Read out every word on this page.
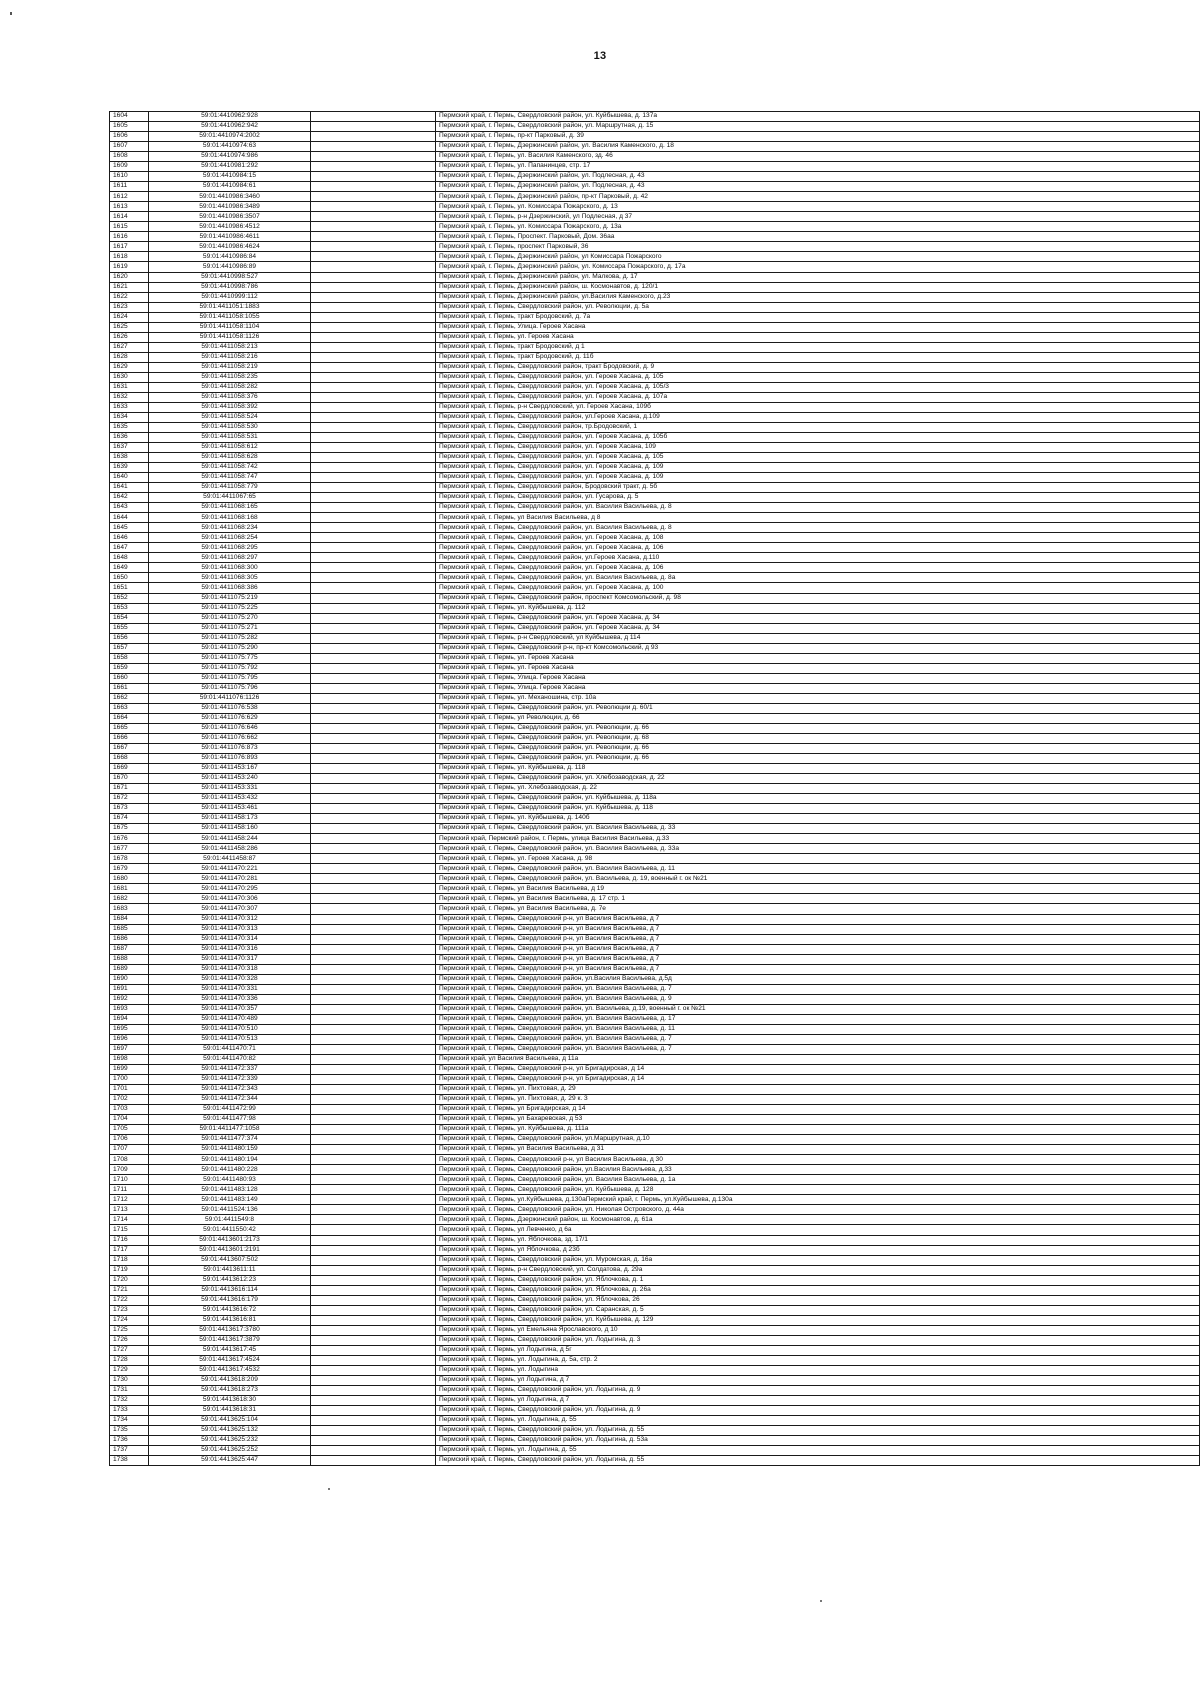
13
1604	59:01:4410962:928		Пермский край, г. Пермь, Свердловский район, ул. Куйбышева, д. 137а
1605	59:01:4410962:942		Пермский край, г. Пермь, Свердловский район, ул. Маршрутная, д. 15
1606	59:01:4410974:2002		Пермский край, г. Пермь, пр-кт Парковый, д. 39
1607	59:01:4410974:63		Пермский край, г. Пермь, Дзержинский район, ул. Василия Каменского, д. 18
1608	59:01:4410974:986		Пермский край, г. Пермь, ул. Василия Каменского, зд. 46
1609	59:01:4410981:292		Пермский край, г. Пермь, ул. Папанинцев, стр. 17
1610	59:01:4410984:15		Пермский край, г. Пермь, Дзержинский район, ул. Подлесная, д. 43
1611	59:01:4410984:61		Пермский край, г. Пермь, Дзержинский район, ул. Подлесная, д. 43
1612	59:01:4410986:3460		Пермский край, г. Пермь, Дзержинский район, пр-кт Парковый, д. 42
1613	59:01:4410986:3489		Пермский край, г. Пермь, ул. Комиссара Пожарского, д. 13
1614	59:01:4410986:3507		Пермский край, г. Пермь, р-н Дзержинский, ул Подлесная, д 37
1615	59:01:4410986:4512		Пермский край, г. Пермь, ул. Комиссара Пожарского, д. 13а
1616	59:01:4410986:4611		Пермский край, г. Пермь, Проспект. Парковый, Дом. 36аа
1617	59:01:4410986:4624		Пермский край, г. Пермь, проспект Парковый, 36
1618	59:01:4410986:84		Пермский край, г. Пермь, Дзержинский район, ул Комиссара Пожарского
1619	59:01:4410986:89		Пермский край, г. Пермь, Дзержинский район, ул. Комиссара Пожарского, д. 17а
1620	59:01:4410998:527		Пермский край, г. Пермь, Дзержинский район, ул. Малкова, д. 17
1621	59:01:4410998:786		Пермский край, г. Пермь, Дзержинский район, ш. Космонавтов, д. 120/1
1622	59:01:4410999:112		Пермский край, г. Пермь, Дзержинский район, ул.Василия Каменского, д.23
1623	59:01:4411051:1883		Пермский край, г. Пермь, Свердловский район, ул. Революции, д. 5а
1624	59:01:4411058:1055		Пермский край, г. Пермь, тракт Бродовский, д. 7а
1625	59:01:4411058:1104		Пермский край, г. Пермь, Улица. Героев Хасана
1626	59:01:4411058:1126		Пермский край, г. Пермь, ул. Героев Хасана
1627	59:01:4411058:213		Пермский край, г. Пермь, тракт Бродовский, д 1
1628	59:01:4411058:216		Пермский край, г. Пермь, тракт Бродовский, д. 11б
1629	59:01:4411058:219		Пермский край, г. Пермь, Свердловский район, тракт Бродовский, д. 9
1630	59:01:4411058:235		Пермский край, г. Пермь, Свердловский район, ул. Героев Хасана, д. 105
1631	59:01:4411058:282		Пермский край, г. Пермь, Свердловский район, ул. Героев Хасана, д. 105/3
1632	59:01:4411058:376		Пермский край, г. Пермь, Свердловский район, ул. Героев Хасана, д. 107а
1633	59:01:4411058:392		Пермский край, г. Пермь, р-н Свердловский, ул. Героев Хасана, 109б
1634	59:01:4411058:524		Пермский край, г. Пермь, Свердловский район, ул.Героев Хасана, д.109
1635	59:01:4411058:530		Пермский край, г. Пермь, Свердловский район, тр.Бродовский, 1
1636	59:01:4411058:531		Пермский край, г. Пермь, Свердловский район, ул. Героев Хасана, д. 105б
1637	59:01:4411058:612		Пермский край, г. Пермь, Свердловский район, ул. Героев Хасана, 109
1638	59:01:4411058:628		Пермский край, г. Пермь, Свердловский район, ул. Героев Хасана, д. 105
1639	59:01:4411058:742		Пермский край, г. Пермь, Свердловский район, ул. Героев Хасана, д. 109
1640	59:01:4411058:747		Пермский край, г. Пермь, Свердловский район, ул. Героев Хасана, д. 109
1641	59:01:4411058:779		Пермский край, г. Пермь, Свердловский район, Бродовский тракт, д. 5б
1642	59:01:4411067:65		Пермский край, г. Пермь, Свердловский район, ул. Гусарова, д. 5
1643	59:01:4411068:165		Пермский край, г. Пермь, Свердловский район, ул. Василия Васильева, д. 8
1644	59:01:4411068:168		Пермский край, г. Пермь, ул Василия Васильева, д 8
1645	59:01:4411068:234		Пермский край, г. Пермь, Свердловский район, ул. Василия Васильева, д. 8
1646	59:01:4411068:254		Пермский край, г. Пермь, Свердловский район, ул. Героев Хасана, д. 108
1647	59:01:4411068:295		Пермский край, г. Пермь, Свердловский район, ул. Героев Хасана, д. 106
1648	59:01:4411068:297		Пермский край, г. Пермь, Свердловский район, ул.Героев Хасана, д.110
1649	59:01:4411068:300		Пермский край, г. Пермь, Свердловский район, ул. Героев Хасана, д. 106
1650	59:01:4411068:305		Пермский край, г. Пермь, Свердловский район, ул. Василия Васильева, д. 8а
1651	59:01:4411068:386		Пермский край, г. Пермь, Свердловский район, ул. Героев Хасана, д. 100
1652	59:01:4411075:219		Пермский край, г. Пермь, Свердловский район, проспект Комсомольский, д. 98
1653	59:01:4411075:225		Пермский край, г. Пермь, ул. Куйбышева, д. 112
1654	59:01:4411075:270		Пермский край, г. Пермь, Свердловский район, ул. Героев Хасана, д. 34
1655	59:01:4411075:271		Пермский край, г. Пермь, Свердловский район, ул. Героев Хасана, д. 34
1656	59:01:4411075:282		Пермский край, г. Пермь, р-н Свердловский, ул Куйбышева, д 114
1657	59:01:4411075:290		Пермский край, г. Пермь, Свердловский р-н, пр-кт Комсомольский, д 93
1658	59:01:4411075:775		Пермский край, г. Пермь, ул. Героев Хасана
1659	59:01:4411075:792		Пермский край, г. Пермь, ул. Героев Хасана
1660	59:01:4411075:795		Пермский край, г. Пермь, Улица. Героев Хасана
1661	59:01:4411075:796		Пермский край, г. Пермь, Улица. Героев Хасана
1662	59:01:4411076:1126		Пермский край, г. Пермь, ул. Механошина, стр. 10а
1663	59:01:4411076:538		Пермский край, г. Пермь, Свердловский район, ул. Революции д. 60/1
1664	59:01:4411076:629		Пермский край, г. Пермь, ул Революции, д. 66
1665	59:01:4411076:646		Пермский край, г. Пермь, Свердловский район, ул. Революции, д. 66
1666	59:01:4411076:662		Пермский край, г. Пермь, Свердловский район, ул. Революции, д. 68
1667	59:01:4411076:873		Пермский край, г. Пермь, Свердловский район, ул. Революции, д. 66
1668	59:01:4411076:893		Пермский край, г. Пермь, Свердловский район, ул. Революции, д. 66
1669	59:01:4411453:167		Пермский край, г. Пермь, ул. Куйбышева, д. 118
1670	59:01:4411453:240		Пермский край, г. Пермь, Свердловский район, ул. Хлебозаводская, д. 22
1671	59:01:4411453:331		Пермский край, г. Пермь, ул. Хлебозаводская, д. 22
1672	59:01:4411453:432		Пермский край, г. Пермь, Свердловский район, ул. Куйбышева, д. 118а
1673	59:01:4411453:461		Пермский край, г. Пермь, Свердловский район, ул. Куйбышева, д. 118
1674	59:01:4411458:173		Пермский край, г. Пермь, ул. Куйбышева, д. 140б
1675	59:01:4411458:160		Пермский край, г. Пермь, Свердловский район, ул. Василия Васильева, д. 33
1676	59:01:4411458:244		Пермский край, Пермский район, г. Пермь, улица Василия Васильева, д.33
1677	59:01:4411458:286		Пермский край, г. Пермь, Свердловский район, ул. Василия Васильева, д. 33а
1678	59:01:4411458:87		Пермский край, г. Пермь, ул. Героев Хасана, д. 98
1679	59:01:4411470:221		Пермский край, г. Пермь, Свердловский район, ул. Василия Васильева, д. 11
1680	59:01:4411470:281		Пермский край, г. Пермь, Свердловский район, ул. Васильева, д. 19, военный г. ок №21
1681	59:01:4411470:295		Пермский край, г. Пермь, ул Василия Васильева, д 19
1682	59:01:4411470:306		Пермский край, г. Пермь, ул Василия Васильева, д. 17 стр. 1
1683	59:01:4411470:307		Пермский край, г. Пермь, ул Василия Васильева, д. 7е
1684	59:01:4411470:312		Пермский край, г. Пермь, Свердловский р-н, ул Василия Васильева, д 7
1685	59:01:4411470:313		Пермский край, г. Пермь, Свердловский р-н, ул Василия Васильева, д 7
1686	59:01:4411470:314		Пермский край, г. Пермь, Свердловский р-н, ул Василия Васильева, д 7
1687	59:01:4411470:316		Пермский край, г. Пермь, Свердловский р-н, ул Василия Васильева, д 7
1688	59:01:4411470:317		Пермский край, г. Пермь, Свердловский р-н, ул Василия Васильева, д 7
1689	59:01:4411470:318		Пермский край, г. Пермь, Свердловский р-н, ул Василия Васильева, д 7
1690	59:01:4411470:328		Пермский край, г. Пермь, Свердловский район, ул.Василия Васильева, д.5д
1691	59:01:4411470:331		Пермский край, г. Пермь, Свердловский район, ул. Василия Васильева, д. 7
1692	59:01:4411470:336		Пермский край, г. Пермь, Свердловский район, ул. Василия Васильева, д. 9
1693	59:01:4411470:357		Пермский край, г. Пермь, Свердловский район, ул. Васильева, д.19, военный г. ок №21
1694	59:01:4411470:489		Пермский край, г. Пермь, Свердловский район, ул. Василия Васильева, д. 17
1695	59:01:4411470:510		Пермский край, г. Пермь, Свердловский район, ул. Василия Васильева, д. 11
1696	59:01:4411470:513		Пермский край, г. Пермь, Свердловский район, ул. Василия Васильева, д. 7
1697	59:01:4411470:71		Пермский край, г. Пермь, Свердловский район, ул. Василия Васильева, д. 7
1698	59:01:4411470:82		Пермский край, ул Василия Васильева, д 11а
1699	59:01:4411472:337		Пермский край, г. Пермь, Свердловский р-н, ул Бригадирская, д 14
1700	59:01:4411472:339		Пермский край, г. Пермь, Свердловский р-н, ул Бригадирская, д 14
1701	59:01:4411472:343		Пермский край, г. Пермь, ул. Пихтовая, д. 29
1702	59:01:4411472:344		Пермский край, г. Пермь, ул. Пихтовая, д. 29 к. 3
1703	59:01:4411472:99		Пермский край, г. Пермь, ул Бригадирская, д 14
1704	59:01:4411477:98		Пермский край, г. Пермь, ул Бахаревская, д 53
1705	59:01:4411477:1058		Пермский край, г. Пермь, ул. Куйбышева, д. 111а
1706	59:01:4411477:374		Пермский край, г. Пермь, Свердловский район, ул.Маршрутная, д.10
1707	59:01:4411480:159		Пермский край, г. Пермь, ул Василия Васильева, д 31
1708	59:01:4411480:194		Пермский край, г. Пермь, Свердловский р-н, ул Василия Васильева, д 30
1709	59:01:4411480:228		Пермский край, г. Пермь, Свердловский район, ул.Василия Васильева, д.33
1710	59:01:4411480:93		Пермский край, г. Пермь, Свердловский район, ул. Василия Васильева, д. 1а
1711	59:01:4411483:128		Пермский край, г. Пермь, Свердловский район, ул. Куйбышева, д. 128
1712	59:01:4411483:149		Пермский край, г. Пермь, ул.Куйбышева, д.130аПермский край, г. Пермь, ул.Куйбышева, д.130а
1713	59:01:4411524:136		Пермский край, г. Пермь, Свердловский район, ул. Николая Островского, д. 44а
1714	59:01:4411549:8		Пермский край, г. Пермь, Дзержинский район, ш. Космонавтов, д. 61а
1715	59:01:4411550:42		Пермский край, г. Пермь, ул Левченко, д 6а
1716	59:01:4413601:2173		Пермский край, г. Пермь, ул. Яблочкова, зд. 17/1
1717	59:01:4413601:2191		Пермский край, г. Пермь, ул Яблочкова, д 23б
1718	59:01:4413607:502		Пермский край, г. Пермь, Свердловский район, ул. Муромская, д. 16а
1719	59:01:4413611:11		Пермский край, г. Пермь, р-н Свердловский, ул. Солдатова, д. 29а
1720	59:01:4413612:23		Пермский край, г. Пермь, Свердловский район, ул. Яблочкова, д. 1
1721	59:01:4413616:114		Пермский край, г. Пермь, Свердловский район, ул. Яблочкова, д. 26а
1722	59:01:4413616:179		Пермский край, г. Пермь, Свердловский район, ул. Яблочкова, 26
1723	59:01:4413616:72		Пермский край, г. Пермь, Свердловский район, ул. Саранская, д. 5
1724	59:01:4413616:81		Пермский край, г. Пермь, Свердловский район, ул. Куйбышева, д. 129
1725	59:01:4413617:3780		Пермский край, г. Пермь, ул Емельяна Ярославского, д 10
1726	59:01:4413617:3879		Пермский край, г. Пермь, Свердловский район, ул. Лодыгина, д. 3
1727	59:01:4413617:45		Пермский край, г. Пермь, ул Лодыгина, д 5г
1728	59:01:4413617:4524		Пермский край, г. Пермь, ул. Лодыгина, д. 5а, стр. 2
1729	59:01:4413617:4532		Пермский край, г. Пермь, ул. Лодыгина
1730	59:01:4413618:209		Пермский край, г. Пермь, ул Лодыгина, д 7
1731	59:01:4413618:273		Пермский край, г. Пермь, Свердловский район, ул. Лодыгина, д. 9
1732	59:01:4413618:30		Пермский край, г. Пермь, ул Лодыгина, д 7
1733	59:01:4413618:31		Пермский край, г. Пермь, Свердловский район, ул. Лодыгина, д. 9
1734	59:01:4413625:104		Пермский край, г. Пермь, ул. Лодыгина, д. 55
1735	59:01:4413625:132		Пермский край, г. Пермь, Свердловский район, ул. Лодыгина, д. 55
1736	59:01:4413625:232		Пермский край, г. Пермь, Свердловский район, ул. Лодыгина, д. 53а
1737	59:01:4413625:252		Пермский край, г. Пермь, ул. Лодыгина, д. 55
1738	59:01:4413625:447		Пермский край, г. Пермь, Свердловский район, ул. Лодыгина, д. 55
